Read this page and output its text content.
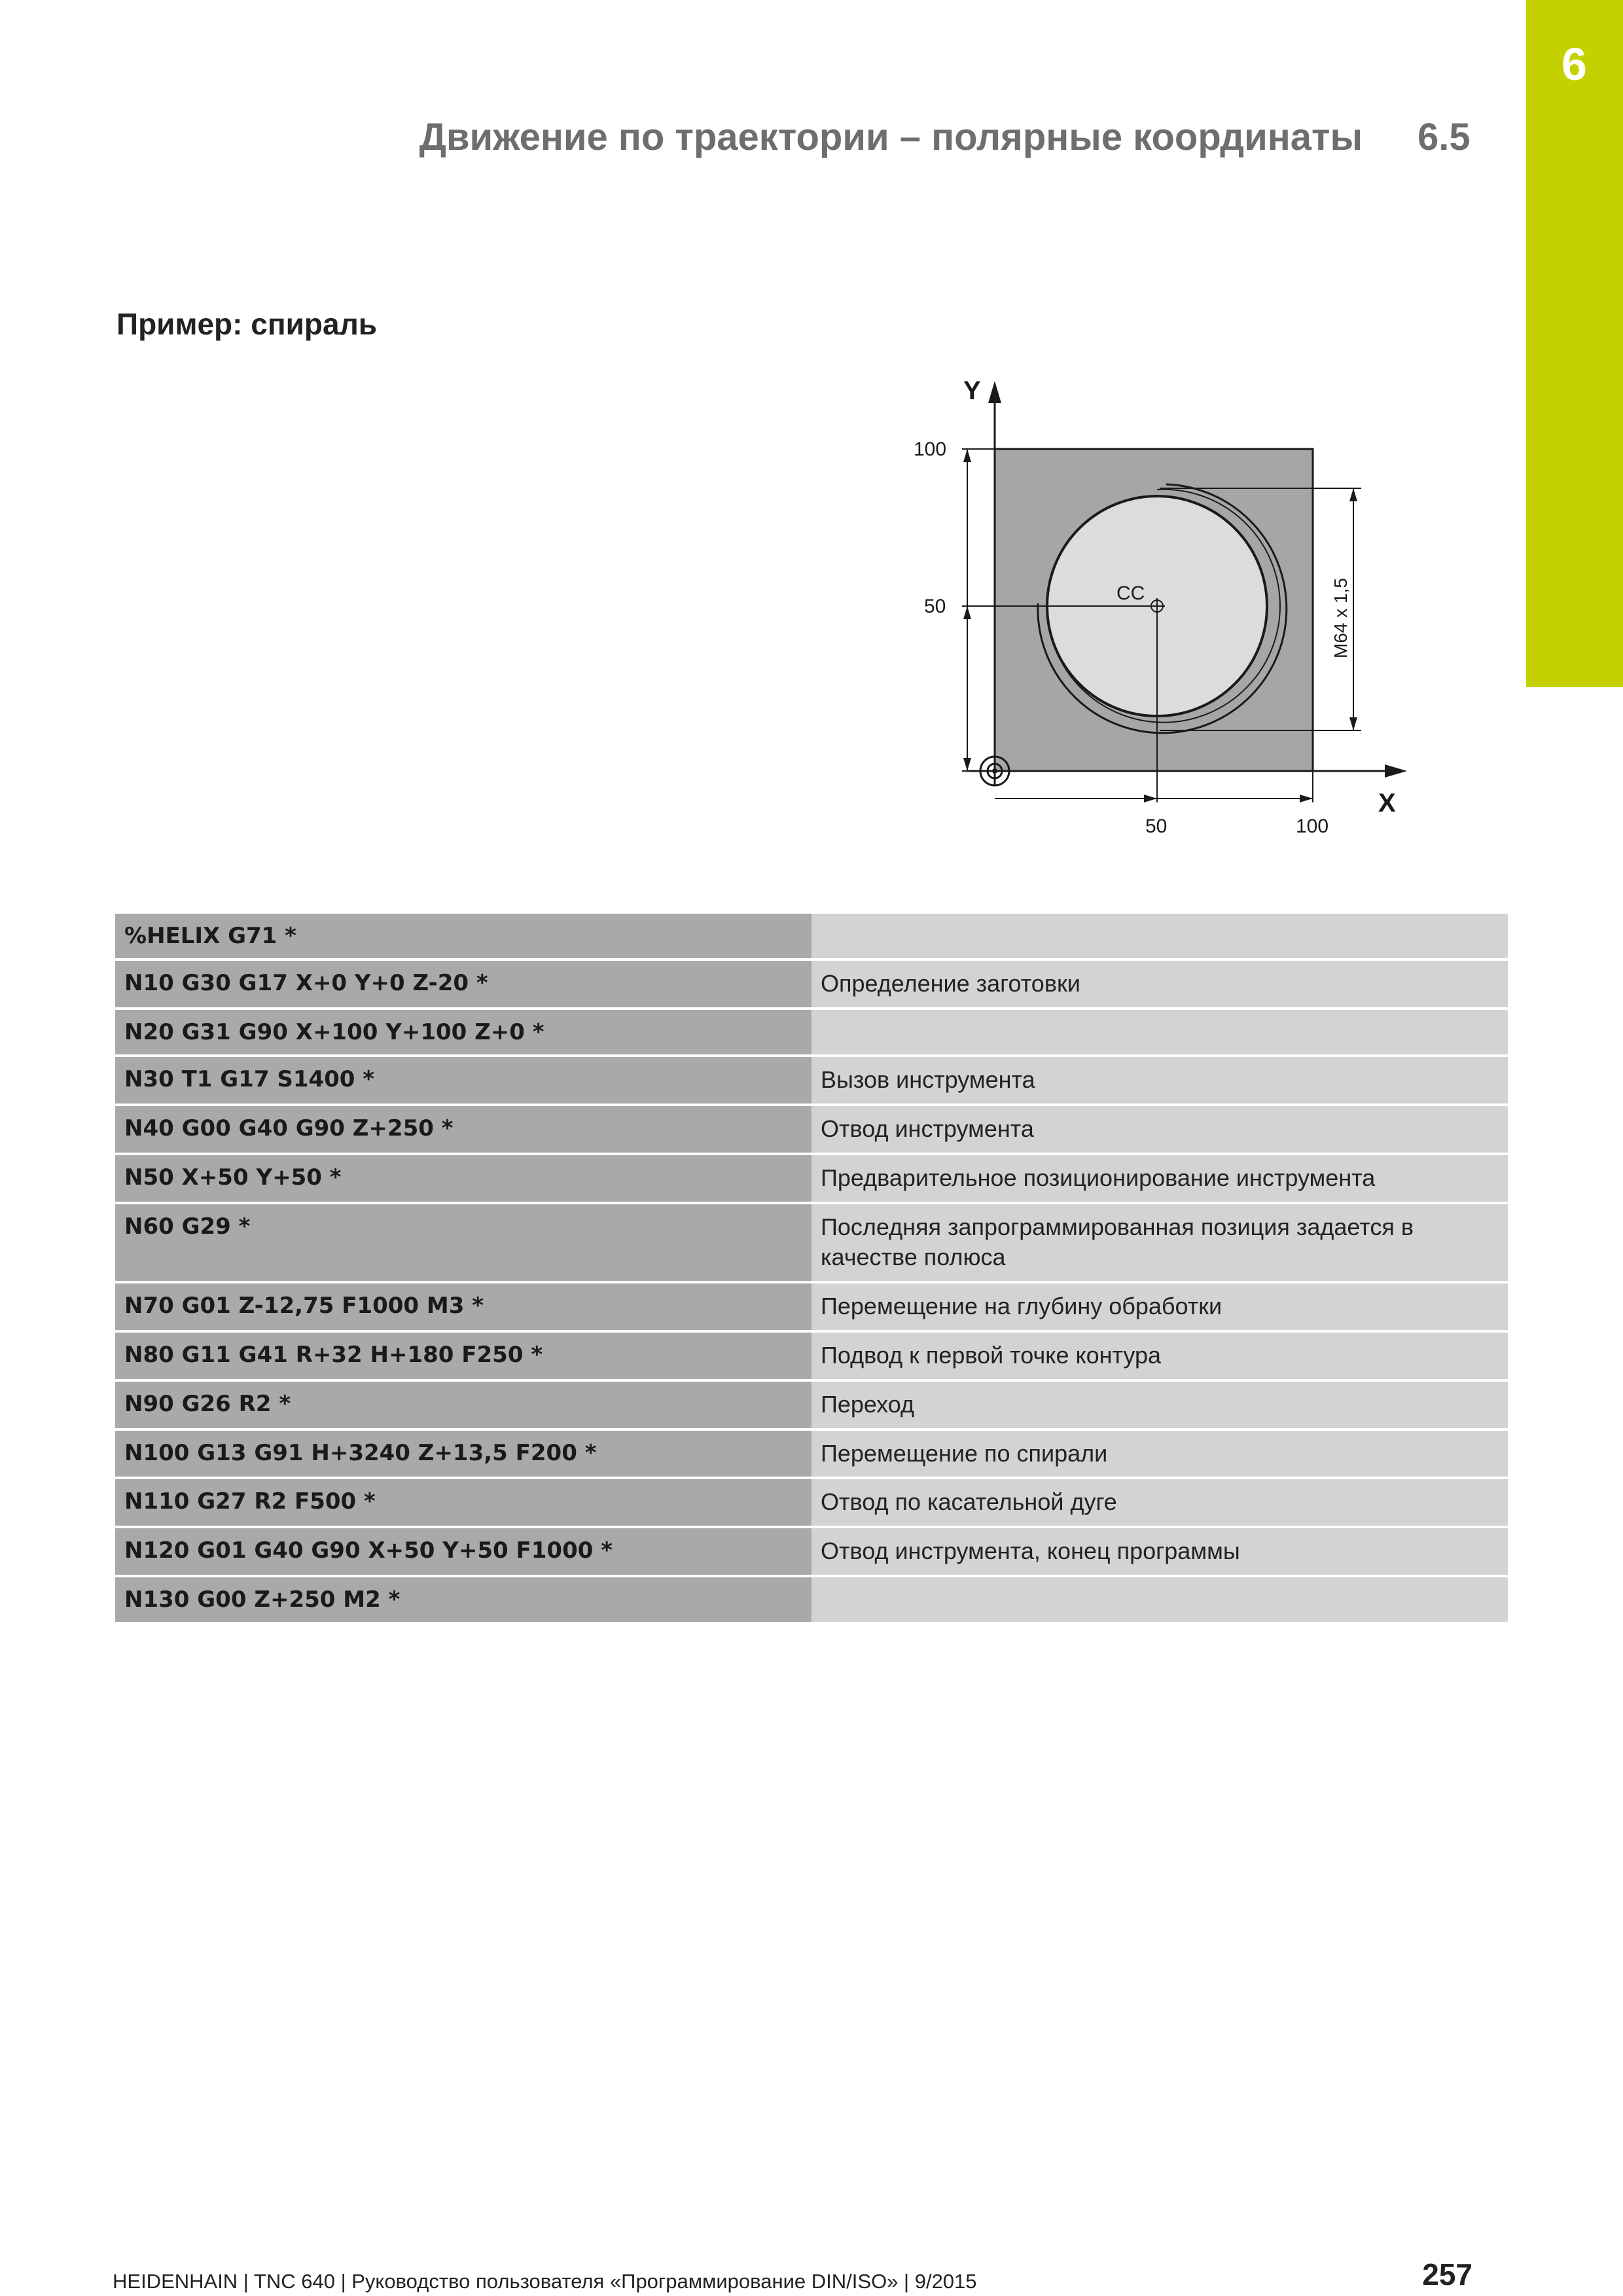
6
Движение по траектории – полярные координаты 6.5
Пример: спираль
CC
Y
X
100
50
50	100
M64 x 1,5
%HELIX G71 *	
N10 G30 G17 X+0 Y+0 Z-20 *	Определение заготовки
N20 G31 G90 X+100 Y+100 Z+0 *	
N30 T1 G17 S1400 *	Вызов инструмента
N40 G00 G40 G90 Z+250 *	Отвод инструмента
N50 X+50 Y+50 *	Предварительное позиционирование инструмента
N60 G29 *	Последняя запрограммированная позиция задается в качестве полюса
N70 G01 Z-12,75 F1000 M3 *	Перемещение на глубину обработки
N80 G11 G41 R+32 H+180 F250 *	Подвод к первой точке контура
N90 G26 R2 *	Переход
N100 G13 G91 H+3240 Z+13,5 F200 *	Перемещение по спирали
N110 G27 R2 F500 *	Отвод по касательной дуге
N120 G01 G40 G90 X+50 Y+50 F1000 *	Отвод инструмента, конец программы
N130 G00 Z+250 M2 *	
HEIDENHAIN | TNC 640 | Руководство пользователя «Программирование DIN/ISO» | 9/2015	257
